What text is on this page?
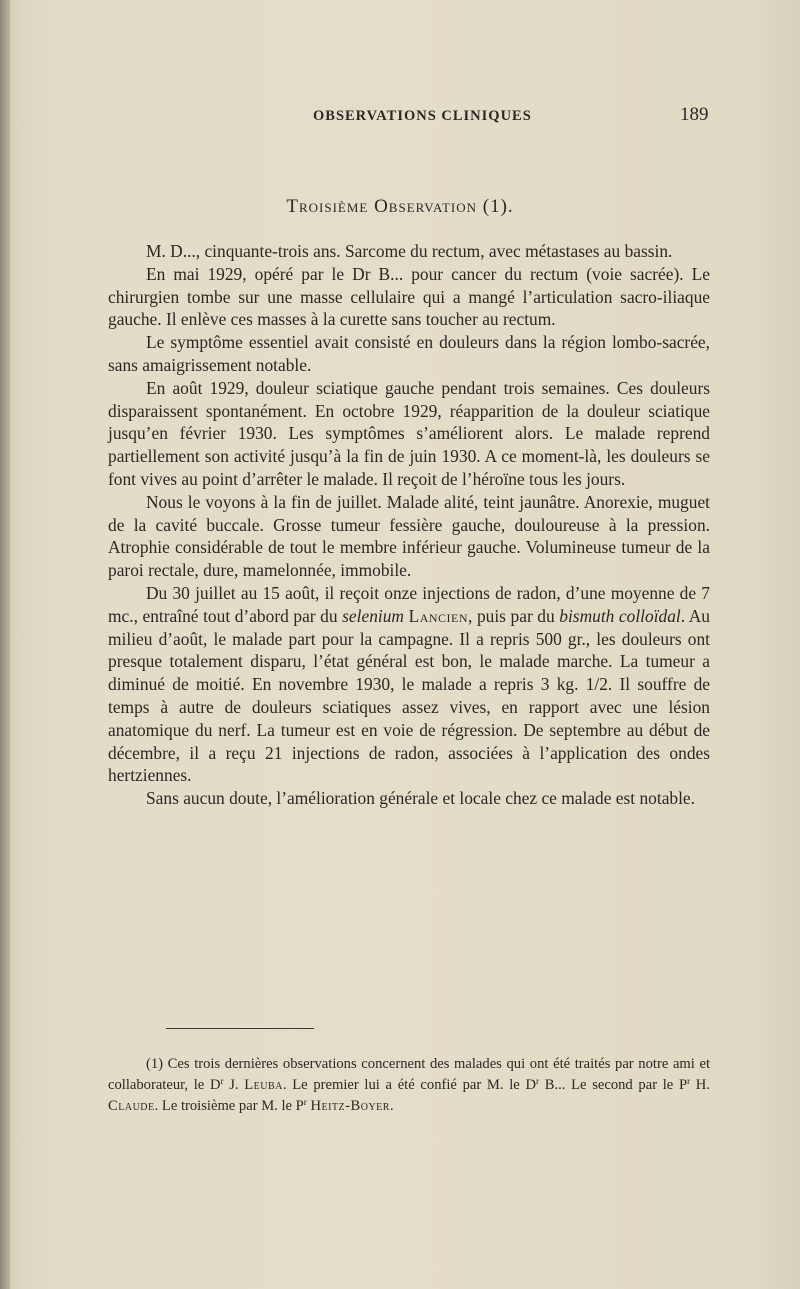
OBSERVATIONS CLINIQUES	189
Troisième Observation (1).

M. D..., cinquante-trois ans. Sarcome du rectum, avec métastases au bassin.

En mai 1929, opéré par le Dr B... pour cancer du rectum (voie sacrée). Le chirurgien tombe sur une masse cellulaire qui a mangé l’articulation sacro-iliaque gauche. Il enlève ces masses à la curette sans toucher au rectum.

Le symptôme essentiel avait consisté en douleurs dans la région lombo-sacrée, sans amaigrissement notable.

En août 1929, douleur sciatique gauche pendant trois semaines. Ces douleurs disparaissent spontanément. En octobre 1929, réapparition de la douleur sciatique jusqu’en février 1930. Les symptômes s’améliorent alors. Le malade reprend partiellement son activité jusqu’à la fin de juin 1930. A ce moment-là, les douleurs se font vives au point d’arrêter le malade. Il reçoit de l’héroïne tous les jours.

Nous le voyons à la fin de juillet. Malade alité, teint jaunâtre. Anorexie, muguet de la cavité buccale. Grosse tumeur fessière gauche, douloureuse à la pression. Atrophie considérable de tout le membre inférieur gauche. Volumineuse tumeur de la paroi rectale, dure, mamelonnée, immobile.

Du 30 juillet au 15 août, il reçoit onze injections de radon, d’une moyenne de 7 mc., entraîné tout d’abord par du selenium Lancien, puis par du bismuth colloïdal. Au milieu d’août, le malade part pour la campagne. Il a repris 500 gr., les douleurs ont presque totalement disparu, l’état général est bon, le malade marche. La tumeur a diminué de moitié. En novembre 1930, le malade a repris 3 kg. 1/2. Il souffre de temps à autre de douleurs sciatiques assez vives, en rapport avec une lésion anatomique du nerf. La tumeur est en voie de régression. De septembre au début de décembre, il a reçu 21 injections de radon, associées à l’application des ondes hertziennes.

Sans aucun doute, l’amélioration générale et locale chez ce malade est notable.

(1) Ces trois dernières observations concernent des malades qui ont été traités par notre ami et collaborateur, le $D^r$ J. Leuba. Le premier lui a été confié par M. le $D^r$ B... Le second par le $P^r$ H. Claude. Le troisième par M. le $P^r$ Heitz-Boyer.
